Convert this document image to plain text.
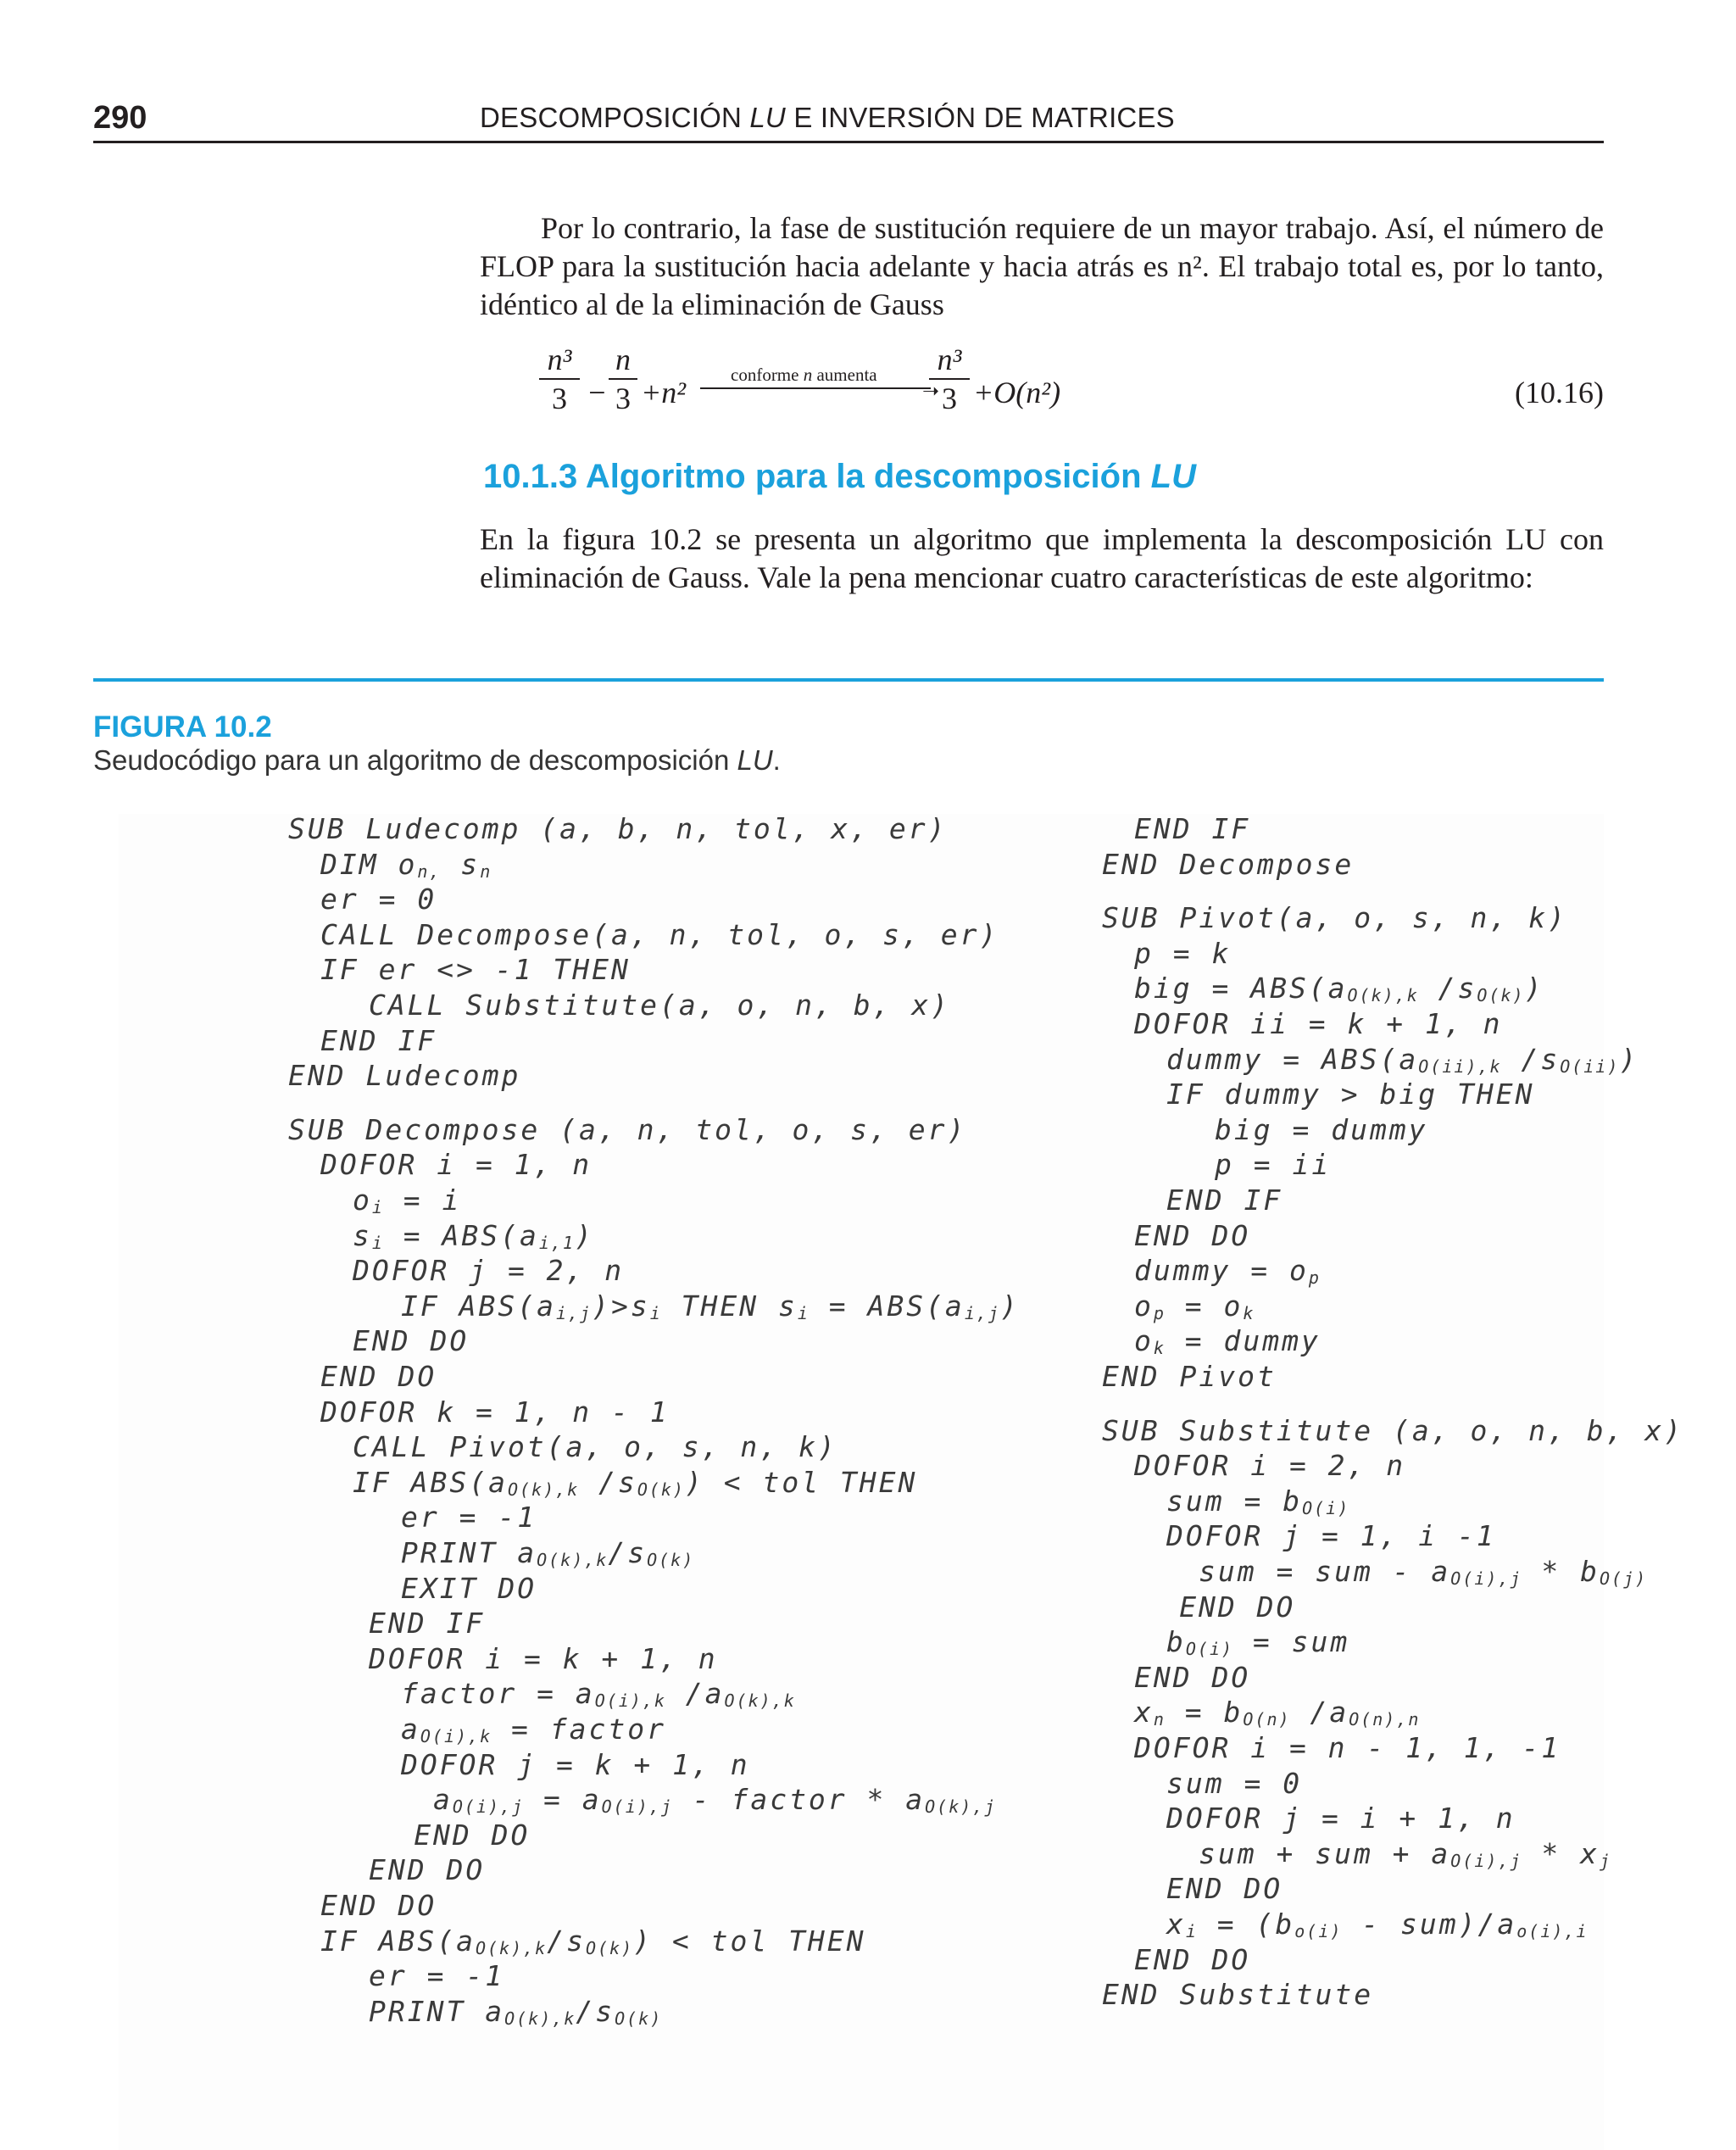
290	DESCOMPOSICIÓN LU E INVERSIÓN DE MATRICES
Por lo contrario, la fase de sustitución requiere de un mayor trabajo. Así, el número de FLOP para la sustitución hacia adelante y hacia atrás es n². El trabajo total es, por lo tanto, idéntico al de la eliminación de Gauss
n³
3 −
n
3 +n²
conforme n aumenta
➝
n³
3 +O(n²)	(10.16)
10.1.3 Algoritmo para la descomposición LU
En la figura 10.2 se presenta un algoritmo que implementa la descomposición LU con eliminación de Gauss. Vale la pena mencionar cuatro características de este algoritmo:
FIGURA 10.2
Seudocódigo para un algoritmo de descomposición LU.
SUB Ludecomp (a, b, n, tol, x, er)
DIM $o_{n,}$ $s_n$
er = 0
CALL Decompose(a, n, tol, o, s, er)
IF er <> -1 THEN
CALL Substitute(a, o, n, b, x)
END IF
END Ludecomp
SUB Decompose (a, n, tol, o, s, er)
DOFOR i = 1, n
$o_i = i$
$s_i = ABS(a_{i,1})$
DOFOR j = 2, n
IF $ABS(a_{i,j})>s_i$ THEN $s_i = ABS(a_{i,j})$
END DO
END DO
DOFOR k = 1, n - 1
CALL Pivot(a, o, s, n, k)
IF $ABS(a_{O(k),k}$ $/s_{O(k)}$) < tol THEN
er = -1
PRINT $a_{O(k),k}/s_{O(k)}$
EXIT DO
END IF
DOFOR i = k + 1, n
factor = $a_{O(i),k}$ $/a_{O(k),k}$
$a_{O(i),k}$ = factor
DOFOR j = k + 1, n
$a_{O(i),j} = a_{O(i),j}$ - factor * $a_{O(k),j}$
END DO
END DO
END DO
IF $ABS(a_{O(k),k}/s_{O(k)})$ < tol THEN
er = -1
PRINT $a_{O(k),k}/s_{O(k)}$
END IF
END Decompose
SUB Pivot(a, o, s, n, k)
p = k
big = $ABS(a_{O(k),k}$ $/s_{O(k)}$)
DOFOR ii = k + 1, n
dummy = $ABS(a_{O(ii),k}$ $/s_{O(ii)}$)
IF dummy > big THEN
big = dummy
p = ii
END IF
END DO
dummy = $o_p$
$o_p = o_k$
$o_k$ = dummy
END Pivot
SUB Substitute (a, o, n, b, x)
DOFOR i = 2, n
sum = $b_{O(i)}$
DOFOR j = 1, i -1
sum = sum - $a_{O(i),j} * b_{O(j)}$
END DO
$b_{O(i)}$ = sum
END DO
$x_n = b_{O(n)}$ $/a_{O(n),n}$
DOFOR i = n - 1, 1, -1
sum = 0
DOFOR j = i + 1, n
sum + sum + $a_{O(i),j} * x_j$
END DO
$x_i = (b_{o(i)} - sum)/a_{o(i),i}$
END DO
END Substitute
